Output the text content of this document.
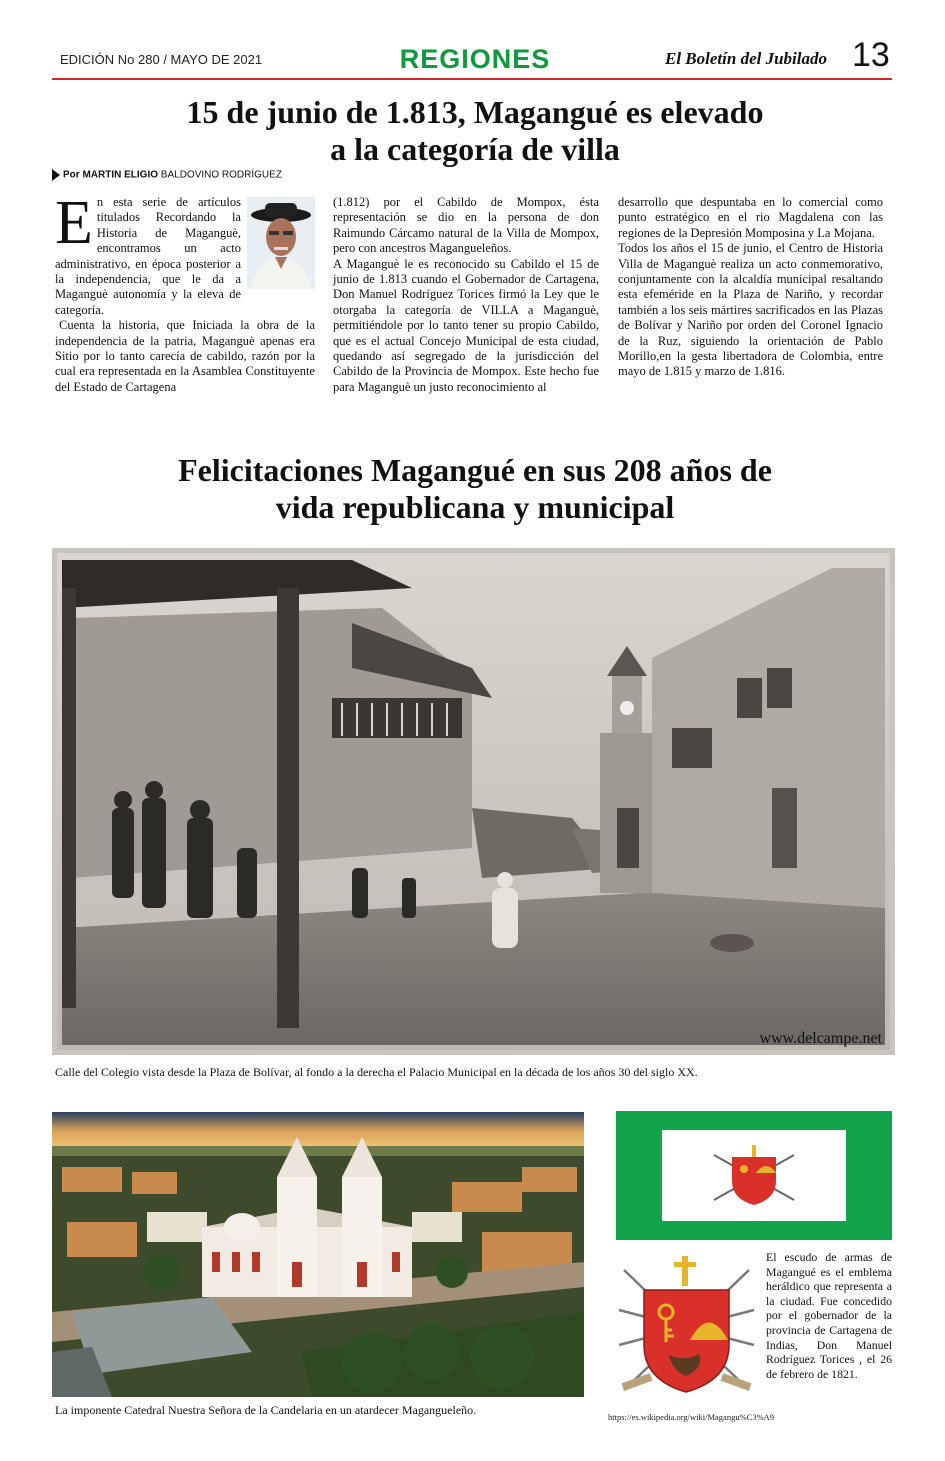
EDICIÓN No 280 / MAYO DE 2021	REGIONES	El Boletín del Jubilado 13
15 de junio de 1.813, Magangué es elevado
a la categoría de villa
Por MARTIN ELIGIO BALDOVINO RODRÍGUEZ
E n esta serie de artículos titulados Recordando la Historia de Maganguè, encontramos un acto administrativo, en época posterior a la independencia, que le da a Maganguè autonomía y la eleva de categoría.

Cuenta la historia, que Iniciada la obra de la independencia de la patria, Maganguè apenas era Sitio por lo tanto carecía de cabildo, razón por la cual era representada en la Asamblea Constituyente del Estado de Cartagena

(1.812) por el Cabildo de Mompox, ésta representación se dio en la persona de don Raimundo Cárcamo natural de la Villa de Mompox, pero con ancestros Magangueleños.

A Maganguè le es reconocido su Cabildo el 15 de junio de 1.813 cuando el Gobernador de Cartagena, Don Manuel Rodríguez Torices firmó la Ley que le otorgaba la categoría de VILLA a Maganguè, permitiéndole por lo tanto tener su propio Cabildo, que es el actual Concejo Municipal de esta ciudad, quedando así segregado de la jurisdicción del Cabildo de la Provincia de Mompox. Este hecho fue para Maganguè un justo reconocimiento al

desarrollo que despuntaba en lo comercial como punto estratégico en el rio Magdalena con las regiones de la Depresión Momposina y La Mojana.

Todos los años el 15 de junio, el Centro de Historia Villa de Maganguè realiza un acto conmemorativo, conjuntamente con la alcaldía municipal resaltando esta efeméride en la Plaza de Nariño, y recordar también a los seis mártires sacrificados en las Plazas de Bolívar y Nariño por orden del Coronel Ignacio de la Ruz, siguiendo la orientación de Pablo Morillo,en la gesta libertadora de Colombia, entre mayo de 1.815 y marzo de 1.816.

Felicitaciones Magangué en sus 208 años de
vida republicana y municipal
www.delcampe.net
Calle del Colegio vista desde la Plaza de Bolívar, al fondo a la derecha el Palacio Municipal en la década de los años 30 del siglo XX.
La imponente Catedral Nuestra Señora de la Candelaria en un atardecer Magangueleño.
El escudo de armas de Magangué es el emblema heráldico que representa a la ciudad. Fue concedido por el gobernador de la provincia de Cartagena de Indias, Don Manuel Rodríguez Torices , el 26 de febrero de 1821.
https://es.wikipedia.org/wiki/Magangu%C3%A9
